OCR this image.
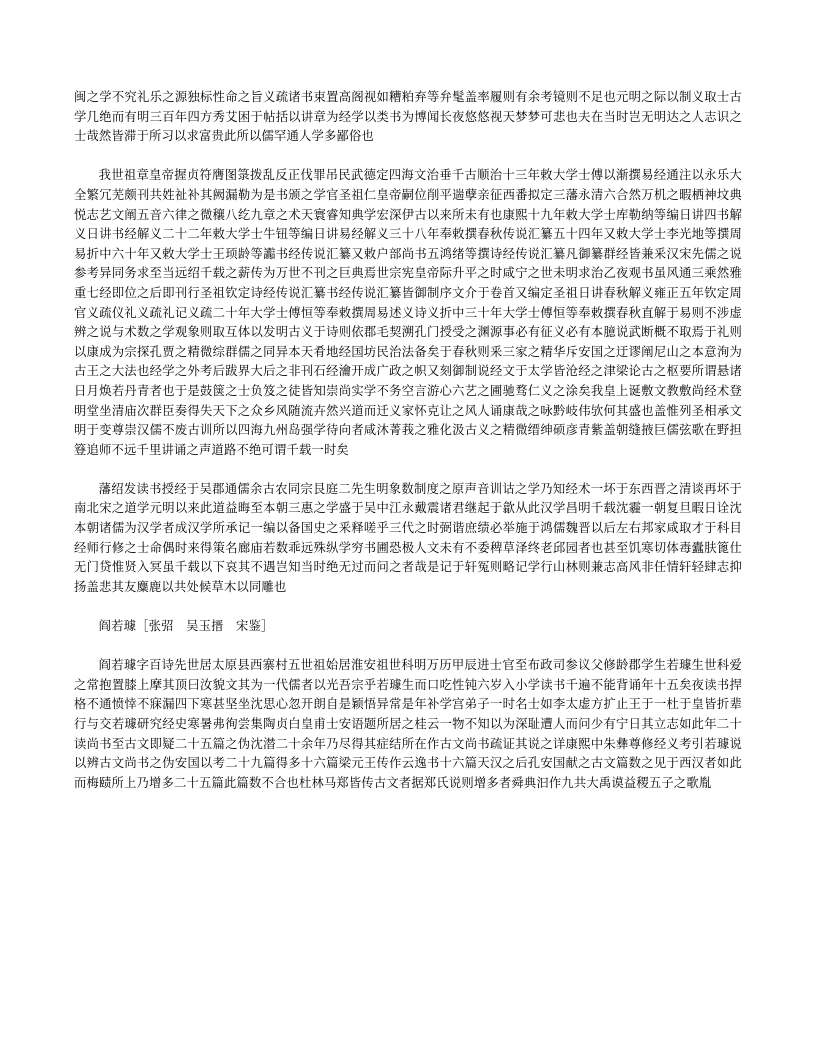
闽之学不究礼乐之源独标性命之旨义疏诸书束置高阁视如糟粕弃等弁髦盖率履则有余考镜则不足也元明之际以制义取士古学几绝而有明三百年四方秀艾困于帖括以讲章为经学以类书为博闻长夜悠悠视天梦梦可悲也夫在当时岂无明达之人志识之士哉然皆滞于所习以求富贵此所以儒罕通人学多鄙俗也

我世祖章皇帝握贞符膺图箓拨乱反正伐罪吊民武德定四海文治垂千古顺治十三年敕大学士傅以渐撰易经通注以永乐大全繁冗芜颇刊共姓祉补其阙漏勒为是书颁之学官圣祖仁皇帝嗣位削平遄孽亲征西番拟定三藩永清六合然万机之暇栖神坟典悦志艺文阐五音六律之微穰八纥九章之术天寰睿知典学宏深伊古以来所未有也康熙十九年敕大学士库勒纳等编日讲四书解义日讲书经解义二十二年敕大学士牛钮等编日讲易经解义三十八年奉敕撰春秋传说汇纂五十四年又敕大学士李光地等撰周易折中六十年又敕大学士王顼龄等讟书经传说汇纂又敕户部尚书五鸿绪等撰诗经传说汇纂凡御纂群经皆兼釆汉宋先儒之说参考异同务求至当远绍千载之薪传为万世不刊之巨典焉世宗宪皇帝际升平之时咸宁之世未明求治乙夜观书虽风通三乘然雅重七经即位之后即刊行圣祖钦定诗经传说汇纂书经传说汇纂皆御制序文介于卷首又编定圣祖日讲春秋解义雍正五年钦定周官义疏仪礼义疏礼记义疏二十年大学士傅恒等奉敕撰周易述义诗义折中三十年大学士傅恒等奉敕撰春秋直解于易则不涉虚辨之说与术数之学观象则取互体以发明古义于诗则依郡毛契溯孔门授受之渊源事必有征义必有本臆说武断概不取焉于礼则以康成为宗探孔贾之精微综群儒之同异本天肴地经国坊民治法备矣于春秋则釆三家之精华斥安国之迂谬阐尼山之本意洵为古王之大法也经学之外考后跋界大后之非刊石经瀹开成广政之帜又刻御制说经文于太学皆沧经之津梁论古之枢要所谓悬诸日月焕若丹青者也于是鼓箧之士负笈之徒皆知崇尚实学不务空言游心六艺之圃驰骛仁义之涂矣我皇上诞敷文教敷尚经术登明堂坐清庙次群臣奏得失天下之众乡风随流卉然兴道而迁义家怀克让之风人诵康哉之咏黔岐伟欤何其盛也盖惟列圣相承文明于变尊崇汉儒不废古训所以四海九州岛强学待向者咸沐菁莪之雅化汲古义之精微缙绅硕彦青紫盖朝缝掖巨儒弦歌在野担簦追师不远千里讲诵之声道路不绝可谓千载一时矣

藩绍发读书授经于吴郡通儒余古农同宗艮庭二先生明象数制度之原声音训诂之学乃知经术一坏于东西晋之清谈再坏于南北宋之道学元明以来此道益晦至本朝三惠之学盛于吴中江永戴震诸君继起于歙从此汉学昌明千载沈霾一朝复旦暇日诠沈本朝诸儒为汉学者成汉学所承记一编以备国史之釆释嗟乎三代之时弼谐庶绩必举施于鸿儒魏晋以后左右邦家咸取才于科目经师行修之士命偶时来得策名廊庙若数乖远殊纵学穷书圃恐极人文未有不委稗草泽终老邱园者也甚至饥寒切体毒蠹肤篦仕无门贷惟贤入冥虽千载以下哀其不遇岂知当时绝无过而问之者哉是记于轩冤则略记学行山林则兼志高风非任情轩轻肆志抑扬盖悲其友麋鹿以共处候草木以同雕也

阎若璩［张弨　吴玉搢　宋鉴］

阎若璩字百诗先世居太原县西寨村五世祖始居淮安祖世科明万历甲辰进士官至布政司参议父修龄郡学生若璩生世科爱之常抱置膝上摩其顶曰汝貌文其为一代儒者以光吾宗乎若璩生而口吃性钝六岁入小学读书千遍不能背诵年十五矣夜读书捍格不通愤悻不寐漏四下寒甚坚坐沈思心忽开朗自是颖悟异常是年补学宫弟子一时名士如李太虚方扩止王于一杜于皇皆折辈行与交若璩研究经史寒暑弗徇尝集陶贞白皇甫士安语题所居之桂云一物不知以为深耻遭人而问少有宁日其立志如此年二十读尚书至古文即疑二十五篇之伪沈潜二十余年乃尽得其症结所在作古文尚书疏证其说之详康熙中朱彝尊修经义考引若璩说以辨古文尚书之伪安国以考二十九篇得多十六篇梁元王传作云逸书十六篇天汉之后孔安国献之古文篇数之见于西汉者如此而梅赜所上乃增多二十五篇此篇数不合也杜林马郑皆传古文者据郑氏说则增多者舜典汩作九共大禹谟益稷五子之歌胤
